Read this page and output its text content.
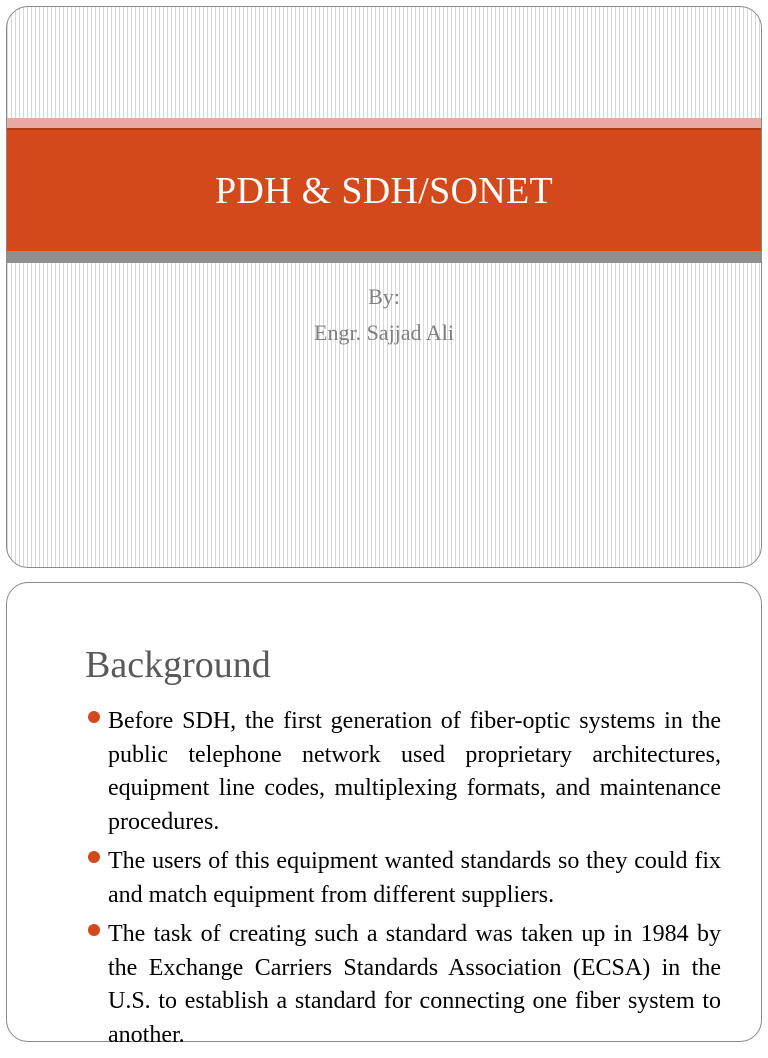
PDH & SDH/SONET
By:
Engr. Sajjad Ali
Background
Before SDH, the first generation of fiber-optic systems in the public telephone network used proprietary architectures, equipment line codes, multiplexing formats, and maintenance procedures.
The users of this equipment wanted standards so they could fix and match equipment from different suppliers.
The task of creating such a standard was taken up in 1984 by the Exchange Carriers Standards Association (ECSA) in the U.S. to establish a standard for connecting one fiber system to another.
